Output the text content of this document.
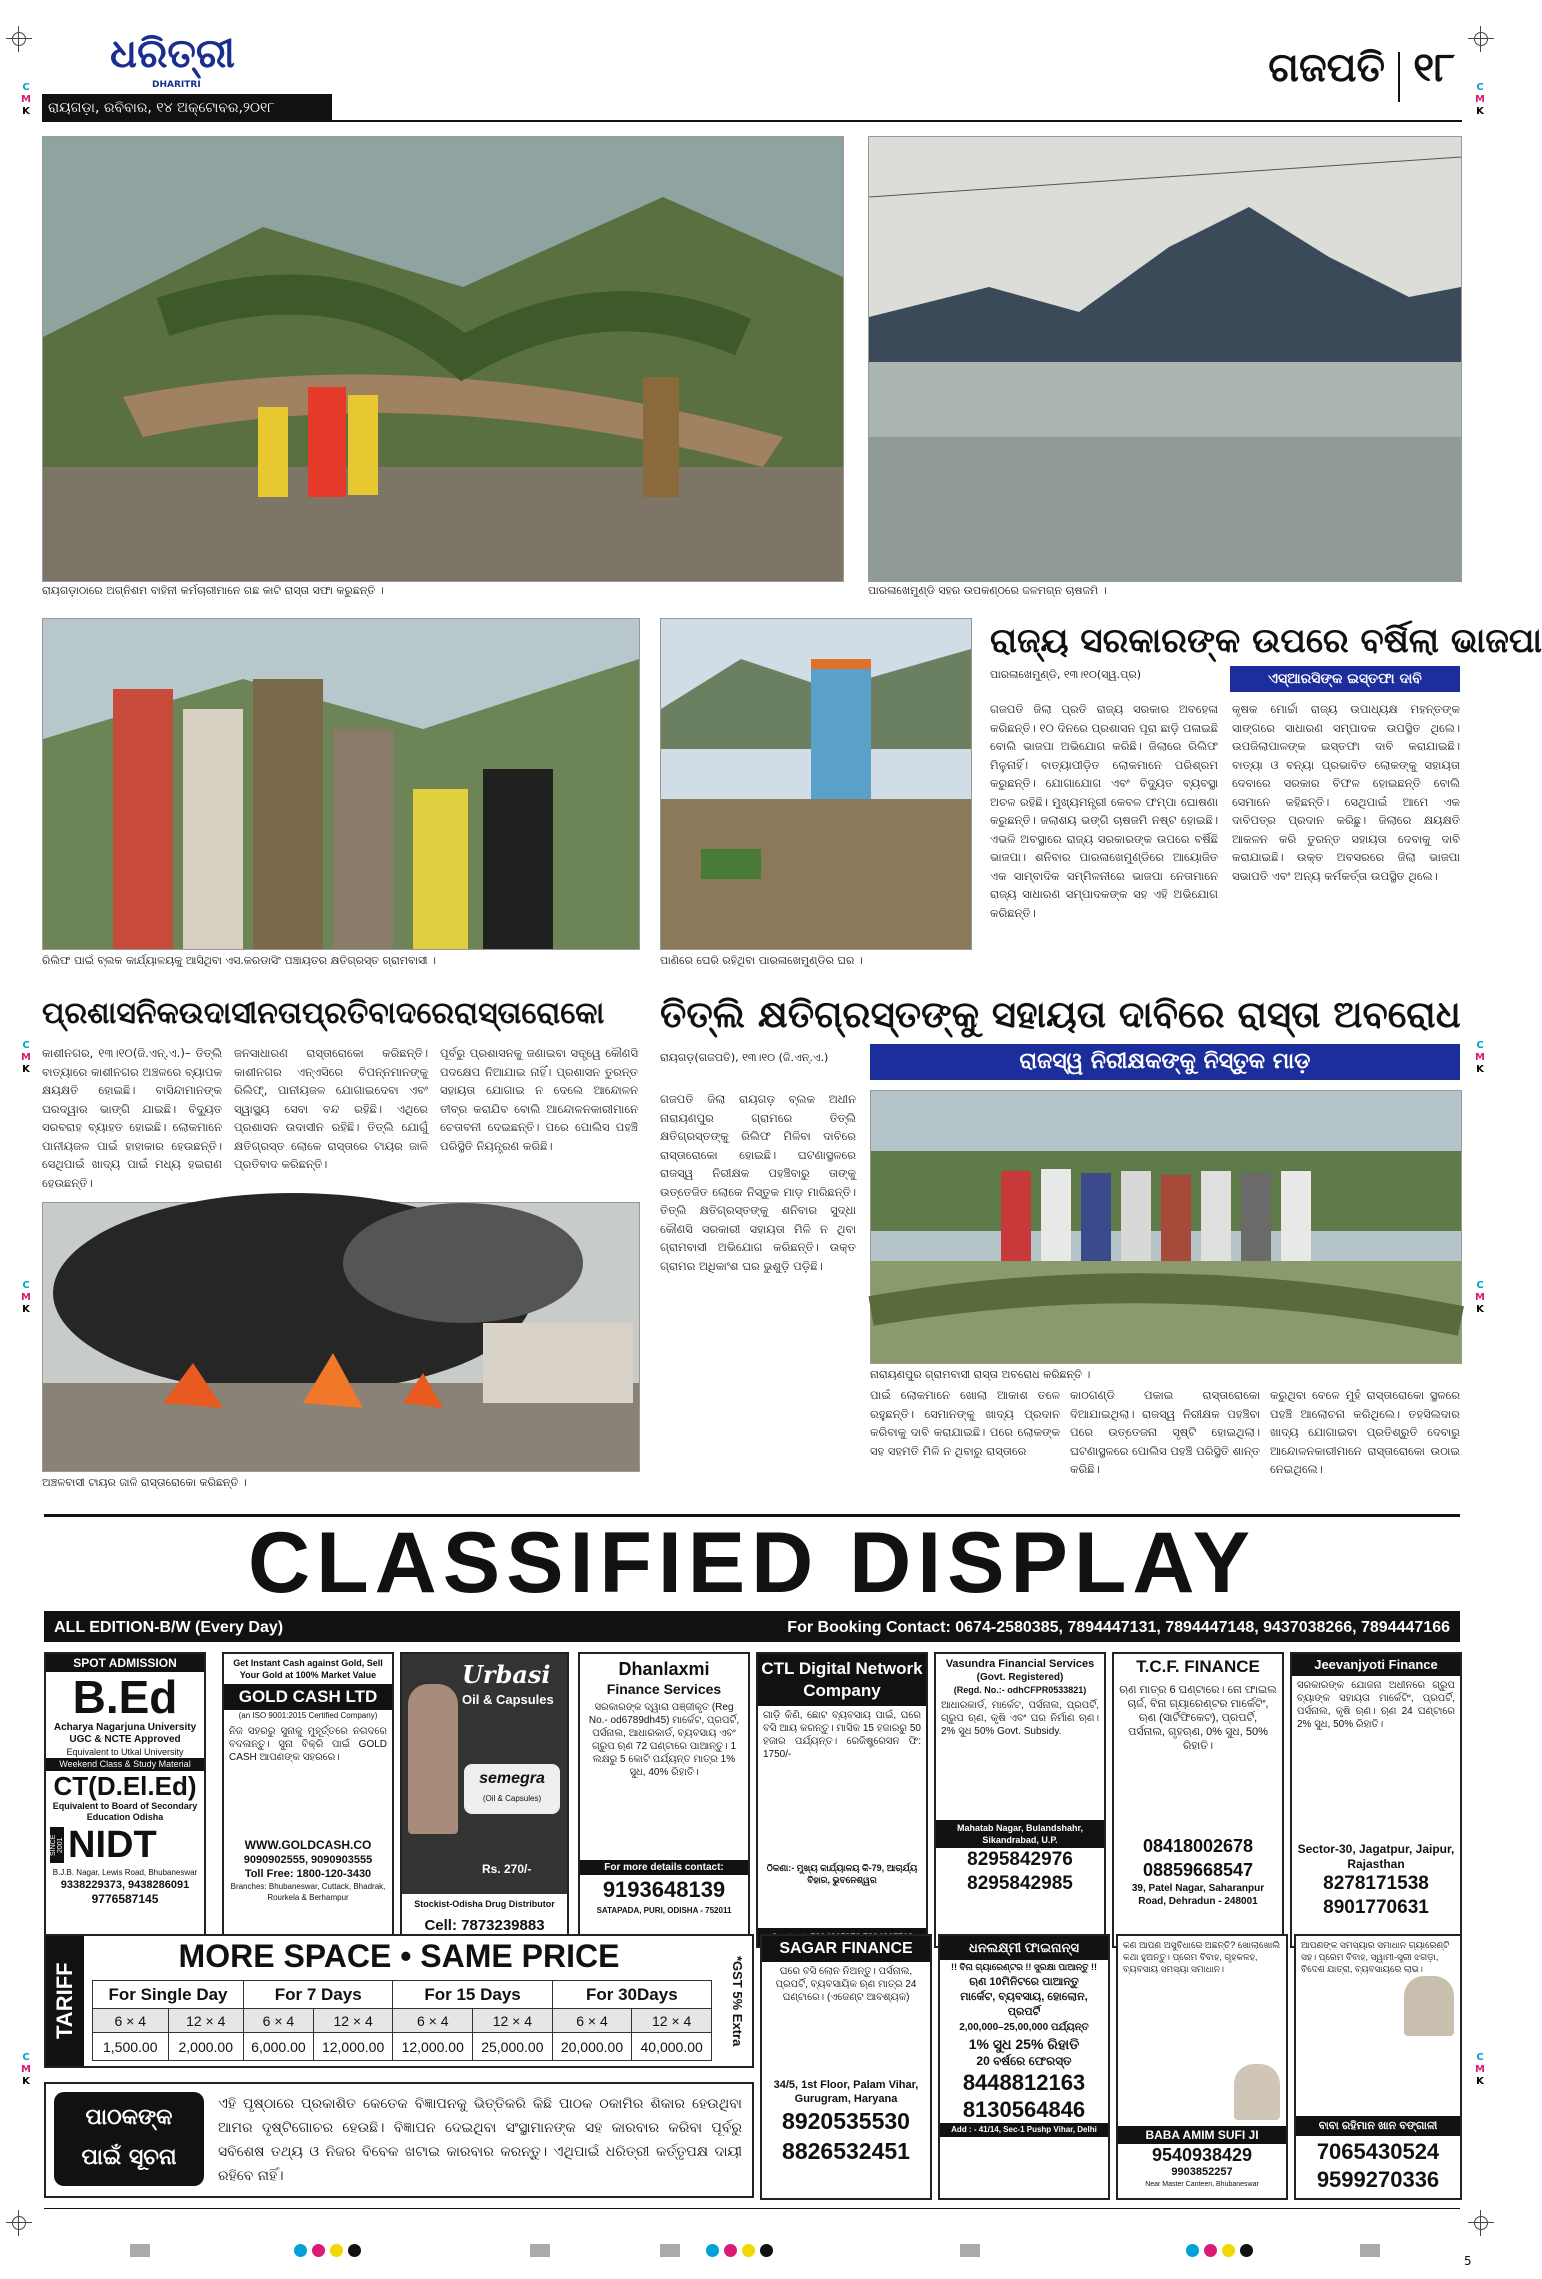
C
M
K
C
M
K
C
M
K
C
M
K
C
M
K
C
M
K
C
M
K
C
M
K
ଧରିତ୍ରୀ
DHARITRI
ରାୟଗଡ଼ା, ରବିବାର, ୧୪ ଅକ୍ଟୋବର,୨୦୧୮
ଗଜପତି ୧୮
ରାୟଗଡ଼ାଠାରେ ଅଗ୍ନିଶମ ବାହିନୀ କର୍ମଚାରୀମାନେ ଗଛ କାଟି ରାସ୍ତା ସଫା କରୁଛନ୍ତି ।	ପାରଳାଖେମୁଣ୍ଡି ସହର ଉପକଣ୍ଠରେ ଜଳମଗ୍ନ ଚାଷଜମି ।
ରିଲିଫ ପାଇଁ ବ୍ଲକ କାର୍ଯ୍ୟାଳୟକୁ ଆସିଥିବା ଏସ.କରଡାସିଂ ପଞ୍ଚାୟତର କ୍ଷତିଗ୍ରସ୍ତ ଗ୍ରାମବାସୀ ।	ପାଣିରେ ଘେରି ରହିଥିବା ପାରଳାଖେମୁଣ୍ଡିର ଘର ।
ରାଜ୍ୟ ସରକାରଙ୍କ ଉପରେ ବର୍ଷିଲା ଭାଜପା
ପାରଳାଖେମୁଣ୍ଡି, ୧୩।୧୦(ସ୍ୱ.ପ୍ର)	ଏସ୍ଆରସିଙ୍କ ଇସ୍ତଫା ଦାବି
ଗଜପତି ଜିଲା ପ୍ରତି ରାଜ୍ୟ ସରକାର ଅବହେଳା କରିଛନ୍ତି। ୧୦ ଦିନରେ ପ୍ରଶାସନ ପୂରା ଛାଡ଼ି ପଳାଇଛି ବୋଲି ଭାଜପା ଅଭିଯୋଗ କରିଛି। ଜିଲାରେ ରିଲିଫ ମିଳୁନାହିଁ। ବାତ୍ୟାପୀଡ଼ିତ ଲୋକମାନେ ପରିଶ୍ରମ କରୁଛନ୍ତି। ଯୋଗାଯୋଗ ଏବଂ ବିଦ୍ୟୁତ ବ୍ୟବସ୍ଥା ଅଚଳ ରହିଛି। ମୁଖ୍ୟମନ୍ତ୍ରୀ କେବଳ ଫମ୍ପା ଘୋଷଣା କରୁଛନ୍ତି। ଜଲାଶୟ ଭଙ୍ଗି ଚାଷଜମି ନଷ୍ଟ ହୋଇଛି। ଏଭଳି ଅବସ୍ଥାରେ ରାଜ୍ୟ ସରକାରଙ୍କ ଉପରେ ବର୍ଷିଛି ଭାଜପା। ଶନିବାର ପାରଳାଖେମୁଣ୍ଡିରେ ଆୟୋଜିତ ଏକ ସାମ୍ବାଦିକ ସମ୍ମିଳନୀରେ ଭାଜପା ନେତାମାନେ ରାଜ୍ୟ ସାଧାରଣ ସମ୍ପାଦକଙ୍କ ସହ ଏହି ଅଭିଯୋଗ କରିଛନ୍ତି।
କୃଷକ ମୋର୍ଚ୍ଚା ରାଜ୍ୟ ଉପାଧ୍ୟକ୍ଷ ମହନ୍ତଙ୍କ ସାଙ୍ଗରେ ସାଧାରଣ ସମ୍ପାଦକ ଉପସ୍ଥିତ ଥିଲେ। ଉପଜିଲାପାଳଙ୍କ ଇସ୍ତଫା ଦାବି କରାଯାଇଛି। ବାତ୍ୟା ଓ ବନ୍ୟା ପ୍ରଭାବିତ ଲୋକଙ୍କୁ ସହାୟତା ଦେବାରେ ସରକାର ବିଫଳ ହୋଇଛନ୍ତି ବୋଲି ସେମାନେ କହିଛନ୍ତି। ସେଥିପାଇଁ ଆମେ ଏକ ଦାବିପତ୍ର ପ୍ରଦାନ କରିଛୁ। ଜିଲାରେ କ୍ଷୟକ୍ଷତି ଆକଳନ କରି ତୁରନ୍ତ ସହାୟତା ଦେବାକୁ ଦାବି କରାଯାଇଛି। ଉକ୍ତ ଅବସରରେ ଜିଲା ଭାଜପା ସଭାପତି ଏବଂ ଅନ୍ୟ କର୍ମକର୍ତ୍ତା ଉପସ୍ଥିତ ଥିଲେ।
ପ୍ରଶାସନିକଉଦାସୀନତାପ୍ରତିବାଦରେରାସ୍ତାରୋକୋ
କାଶୀନଗର, ୧୩।୧୦(ଜି.ଏନ୍.ଏ.)– ତିତ୍ଲି ବାତ୍ୟାରେ କାଶୀନଗର ଅଞ୍ଚଳରେ ବ୍ୟାପକ କ୍ଷୟକ୍ଷତି ହୋଇଛି। ବାସିନ୍ଦାମାନଙ୍କ ଘରଦ୍ୱାର ଭାଙ୍ଗି ଯାଇଛି। ବିଦ୍ୟୁତ ସରବରାହ ବ୍ୟାହତ ହୋଇଛି। ଲୋକମାନେ ପାନୀୟଜଳ ପାଇଁ ହାହାକାର ହେଉଛନ୍ତି। ସେଥିପାଇଁ ଖାଦ୍ୟ ପାଇଁ ମଧ୍ୟ ହଇରାଣ ହେଉଛନ୍ତି।
ଜନସାଧାରଣ ରାସ୍ତାରୋକୋ କରିଛନ୍ତି। କାଶୀନଗର ଏନ୍ଏସିରେ ବିପନ୍ନମାନଙ୍କୁ ରିଲିଫ୍, ପାନୀୟଜଳ ଯୋଗାଇଦେବା ଏବଂ ସ୍ୱାସ୍ଥ୍ୟ ସେବା ବନ୍ଦ ରହିଛି। ଏଥିରେ ପ୍ରଶାସନ ଉଦାସୀନ ରହିଛି। ତିତ୍ଲି ଯୋଗୁଁ କ୍ଷତିଗ୍ରସ୍ତ ଲୋକେ ରାସ୍ତାରେ ଟାୟର ଜାଳି ପ୍ରତିବାଦ କରିଛନ୍ତି।
ପୂର୍ବରୁ ପ୍ରଶାସନକୁ ଜଣାଇବା ସତ୍ତ୍ୱେ କୌଣସି ପଦକ୍ଷେପ ନିଆଯାଇ ନାହିଁ। ପ୍ରଶାସନ ତୁରନ୍ତ ସହାୟତା ଯୋଗାଇ ନ ଦେଲେ ଆନ୍ଦୋଳନ ତୀବ୍ର କରାଯିବ ବୋଲି ଆନ୍ଦୋଳନକାରୀମାନେ ଚେତାବନୀ ଦେଇଛନ୍ତି। ପରେ ପୋଲିସ ପହଞ୍ଚି ପରିସ୍ଥିତି ନିୟନ୍ତ୍ରଣ କରିଛି।
ଅଞ୍ଚଳବାସୀ ଟାୟର ଜାଳି ରାସ୍ତାରୋକୋ କରିଛନ୍ତି ।
ତିତ୍ଲି କ୍ଷତିଗ୍ରସ୍ତଙ୍କୁ ସହାୟତା ଦାବିରେ ରାସ୍ତା ଅବରୋଧ
ରାୟଗଡ଼(ଗଜପତି), ୧୩।୧୦ (ଜି.ଏନ୍.ଏ.)	ରାଜସ୍ୱ ନିରୀକ୍ଷକଙ୍କୁ ନିସ୍ତୁକ ମାଡ଼
ଗଜପତି ଜିଲା ରାୟଗଡ଼ ବ୍ଲକ ଅଧୀନ ନାରାୟଣପୁର ଗ୍ରାମରେ ତିତ୍ଲି କ୍ଷତିଗ୍ରସ୍ତଙ୍କୁ ରିଲିଫ ମିଳିବା ଦାବିରେ ରାସ୍ତାରୋକୋ ହୋଇଛି। ଘଟଣାସ୍ଥଳରେ ରାଜସ୍ୱ ନିରୀକ୍ଷକ ପହଞ୍ଚିବାରୁ ତାଙ୍କୁ ଉତ୍ତେଜିତ ଲୋକେ ନିସ୍ତୁକ ମାଡ଼ ମାରିଛନ୍ତି। ତିତ୍ଲି କ୍ଷତିଗ୍ରସ୍ତଙ୍କୁ ଶନିବାର ସୁଦ୍ଧା କୌଣସି ସରକାରୀ ସହାୟତା ମିଳି ନ ଥିବା ଗ୍ରାମବାସୀ ଅଭିଯୋଗ କରିଛନ୍ତି। ଉକ୍ତ ଗ୍ରାମର ଅଧିକାଂଶ ଘର ଭୁଶୁଡ଼ି ପଡ଼ିଛି।
ନାରାୟଣପୁର ଗ୍ରାମବାସୀ ରାସ୍ତା ଅବରୋଧ କରିଛନ୍ତି ।
ପାଇଁ ଲୋକମାନେ ଖୋଲା ଆକାଶ ତଳେ ରହୁଛନ୍ତି। ସେମାନଙ୍କୁ ଖାଦ୍ୟ ପ୍ରଦାନ କରିବାକୁ ଦାବି କରାଯାଇଛି। ପରେ ଲୋକଙ୍କ ସହ ସହମତି ମିଳି ନ ଥିବାରୁ ରାସ୍ତାରେ
କାଠଗଣ୍ଡି ପକାଇ ରାସ୍ତାରୋକୋ ଦିଆଯାଇଥିଲା। ରାଜସ୍ୱ ନିରୀକ୍ଷକ ପହଞ୍ଚିବା ପରେ ଉତ୍ତେଜନା ସୃଷ୍ଟି ହୋଇଥିଲା। ଘଟଣାସ୍ଥଳରେ ପୋଲିସ ପହଞ୍ଚି ପରିସ୍ଥିତି ଶାନ୍ତ କରିଛି।
କରୁଥିବା ବେଳେ ମୁହଁ ରାସ୍ତାରୋକୋ ସ୍ଥଳରେ ପହଞ୍ଚି ଆଲୋଚନା କରିଥିଲେ। ତହସିଲଦାର ଖାଦ୍ୟ ଯୋଗାଇବା ପ୍ରତିଶ୍ରୁତି ଦେବାରୁ ଆନ୍ଦୋଳନକାରୀମାନେ ରାସ୍ତାରୋକୋ ଉଠାଇ ନେଇଥିଲେ।
CLASSIFIED DISPLAY
ALL EDITION-B/W (Every Day)	For Booking Contact: 0674-2580385, 7894447131, 7894447148, 9437038266, 7894447166
SPOT ADMISSION
B.Ed
Acharya Nagarjuna University
UGC & NCTE Approved
Equivalent to Utkal University
Weekend Class & Study Material
CT(D.El.Ed)
Equivalent to Board of Secondary Education Odisha
SINCE 2001 NIDT
B.J.B. Nagar, Lewis Road, Bhubaneswar
9338229373, 9438286091
9776587145
Get Instant Cash against Gold, Sell Your Gold at 100% Market Value
GOLD CASH LTD
(an ISO 9001:2015 Certified Company)
ନିଜ ସହରରୁ ସୁନାକୁ ମୁହୂର୍ତ୍ତରେ ନଗଦରେ ବଦଳାନ୍ତୁ। ସୁନା ବିକ୍ରି ପାଇଁ GOLD CASH ଆପଣଙ୍କ ସହରରେ।
WWW.GOLDCASH.CO
9090902555, 9090903555
Toll Free: 1800-120-3430
Branches: Bhubaneswar, Cuttack, Bhadrak, Rourkela & Berhampur
Urbasi
Oil & Capsules
semegra
(Oil & Capsules)
Rs. 270/-
Stockist-Odisha Drug Distributor
Cell: 7873239883
Dhanlaxmi
Finance Services
ସରକାରଙ୍କ ଦ୍ୱାରା ପଞ୍ଜୀକୃତ (Reg No.- od6789dh45) ମାର୍କେଟ, ପ୍ରପର୍ଟି, ପର୍ସନାଲ, ଆଧାରକାର୍ଡ, ବ୍ୟବସାୟ ଏବଂ ଗ୍ରୁପ ଋଣ 72 ଘଣ୍ଟାରେ ପାଆନ୍ତୁ। 1 ଲକ୍ଷରୁ 5 କୋଟି ପର୍ଯ୍ୟନ୍ତ ମାତ୍ର 1% ସୁଧ, 40% ରିହାତି।
For more details contact:
9193648139
SATAPADA, PURI, ODISHA - 752011
CTL Digital Network Company
ଗାଡ଼ି କିଣି, ଛୋଟ ବ୍ୟବସାୟ ପାଇଁ, ଘରେ ବସି ଆୟ କରନ୍ତୁ। ମାସିକ 15 ହଜାରରୁ 50 ହଜାର ପର୍ଯ୍ୟନ୍ତ। ରେଜିଷ୍ଟ୍ରେସନ ଫି: 1750/-
ଠିକଣା:- ମୁଖ୍ୟ କାର୍ଯ୍ୟାଳୟ କି-79, ଆଚାର୍ଯ୍ୟ ବିହାର, ଭୁବନେଶ୍ୱର
Vasundra Financial Services
(Govt. Registered)
(Regd. No.:- odhCFPR0533821)
ଆଧାରକାର୍ଡ, ମାର୍କେଟ, ପର୍ସନାଲ, ପ୍ରପର୍ଟି, ଗ୍ରୁପ ଋଣ, କୃଷି ଏବଂ ଘର ନିର୍ମାଣ ଋଣ। 2% ସୁଧ 50% Govt. Subsidy.
Mahatab Nagar, Bulandshahr, Sikandrabad, U.P.
8295842976
8295842985
T.C.F. FINANCE
ଋଣ ମାତ୍ର 6 ଘଣ୍ଟାରେ। ନୋ ଫାଇଲ ଚାର୍ଜ, ବିନା ଗ୍ୟାରେଣ୍ଟର ମାର୍କେଟିଂ, ଋଣ (ସାର୍ଟିଫିକେଟ), ପ୍ରପର୍ଟି, ପର୍ସନାଲ, ଗୃହଋଣ, 0% ସୁଧ, 50% ରିହାତି।
08418002678
08859668547
39, Patel Nagar, Saharanpur Road, Dehradun - 248001
Jeevanjyoti Finance
ସରକାରଙ୍କ ଯୋଜନା ଅଧୀନରେ ଗ୍ରୁପ ବ୍ୟାଙ୍କ ସହାୟତା ମାର୍କେଟିଂ, ପ୍ରପର୍ଟି, ପର୍ସନାଲ, କୃଷି ଋଣ। ଋଣ 24 ଘଣ୍ଟାରେ 2% ସୁଧ, 50% ରିହାତି।
Sector-30, Jagatpur, Jaipur, Rajasthan
8278171538
8901770631
TARIFF
MORE SPACE • SAME PRICE	*GST 5% Extra
For Single Day		For 7 Days		For 15 Days		For 30Days	
6 × 4	12 × 4	6 × 4	12 × 4	6 × 4	12 × 4	6 × 4	12 × 4
1,500.00	2,000.00	6,000.00	12,000.00	12,000.00	25,000.00	20,000.00	40,000.00
ପାଠକଙ୍କ
ପାଇଁ ସୂଚନା
ଏହି ପୃଷ୍ଠାରେ ପ୍ରକାଶିତ କେତେକ ବିଜ୍ଞାପନକୁ ଭିତ୍ତିକରି କିଛି ପାଠକ ଠକାମିର ଶିକାର ହେଉଥିବା ଆମର ଦୃଷ୍ଟିଗୋଚର ହେଉଛି। ବିଜ୍ଞାପନ ଦେଇଥିବା ସଂସ୍ଥାମାନଙ୍କ ସହ କାରବାର କରିବା ପୂର୍ବରୁ ସବିଶେଷ ତଥ୍ୟ ଓ ନିଜର ବିବେକ ଖଟାଇ କାରବାର କରନ୍ତୁ। ଏଥିପାଇଁ ଧରିତ୍ରୀ କର୍ତ୍ତୃପକ୍ଷ ଦାୟୀ ରହିବେ ନାହିଁ।
SAGAR FINANCE
ଘରେ ବସି ଲୋନ ନିଅନ୍ତୁ। ପର୍ସନାଲ, ପ୍ରପର୍ଟି, ବ୍ୟବସାୟିକ ଋଣ ମାତ୍ର 24 ଘଣ୍ଟାରେ। (ଏଜେଣ୍ଟ ଆବଶ୍ୟକ)
34/5, 1st Floor, Palam Vihar, Gurugram, Haryana
8920535530
8826532451
ଧନଲକ୍ଷ୍ମୀ ଫାଇନାନ୍ସ
!! ବିନା ଗ୍ୟାରେଣ୍ଟର !! ସୁରକ୍ଷା ପାଆନ୍ତୁ !!
ଋଣ 10ମିନିଟରେ ପାଆନ୍ତୁ
ମାର୍କେଟ, ବ୍ୟବସାୟ, ହୋଲୋନ, ପ୍ରପର୍ଟି
2,00,000–25,00,000 ପର୍ଯ୍ୟନ୍ତ
1% ସୁଧ 25% ରିହାତି
20 ବର୍ଷରେ ଫେରସ୍ତ
8448812163
8130564846
Add : - 41/14, Sec-1 Pushp Vihar, Delhi
କଣ ଆପଣ ଅସୁବିଧାରେ ଅଛନ୍ତି? ଖୋଲାଖୋଲି କଥା ହୁଅନ୍ତୁ। ପ୍ରେମ ବିବାହ, ଗୃହକଳହ, ବ୍ୟବସାୟ ସମସ୍ୟା ସମାଧାନ।
BABA AMIM SUFI JI
9540938429
9903852257
Near Master Canteen, Bhubaneswar
ଆପଣଙ୍କ ସମସ୍ୟାର ସମାଧାନ ଗ୍ୟାରେଣ୍ଟି ସହ। ପ୍ରେମ ବିବାହ, ସ୍ୱାମୀ-ସ୍ତ୍ରୀ ଝଗଡ଼ା, ବିଦେଶ ଯାତ୍ରା, ବ୍ୟବସାୟରେ ଲାଭ।
ବାବା ରହିମାନ ଖାନ ବଙ୍ଗାଳୀ
7065430524
9599270336
5
